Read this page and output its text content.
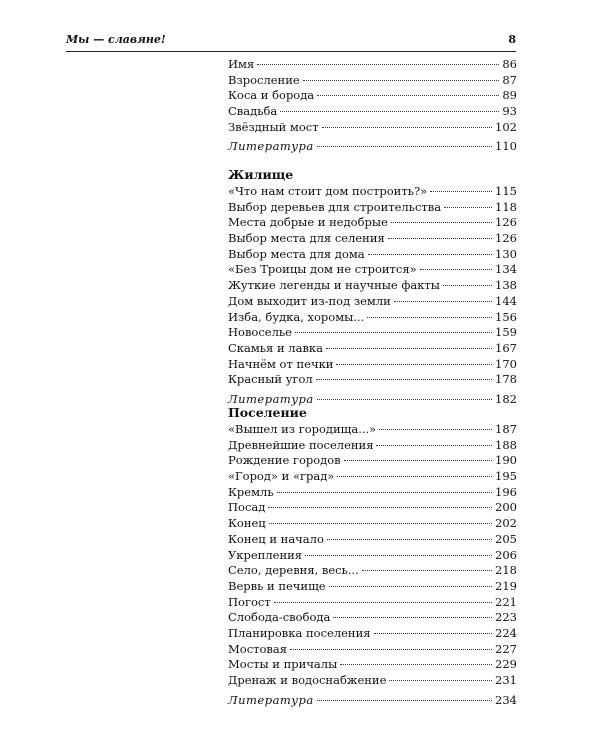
Мы — славяне!	8
Имя	86
Взросление	87
Коса и борода	89
Свадьба	93
Звёздный мост	102
Литература	110
Жилище
«Что нам стоит дом построить?»	115
Выбор деревьев для строительства	118
Места добрые и недобрые	126
Выбор места для селения	126
Выбор места для дома	130
«Без Троицы дом не строится»	134
Жуткие легенды и научные факты	138
Дом выходит из-под земли	144
Изба, будка, хоромы...	156
Новоселье	159
Скамья и лавка	167
Начнём от печки	170
Красный угол	178
Литература	182
Поселение
«Вышел из городища...»	187
Древнейшие поселения	188
Рождение городов	190
«Город» и «град»	195
Кремль	196
Посад	200
Конец	202
Конец и начало	205
Укрепления	206
Село, деревня, весь...	218
Вервь и печище	219
Погост	221
Слобода-свобода	223
Планировка поселения	224
Мостовая	227
Мосты и причалы	229
Дренаж и водоснабжение	231
Литература	234
